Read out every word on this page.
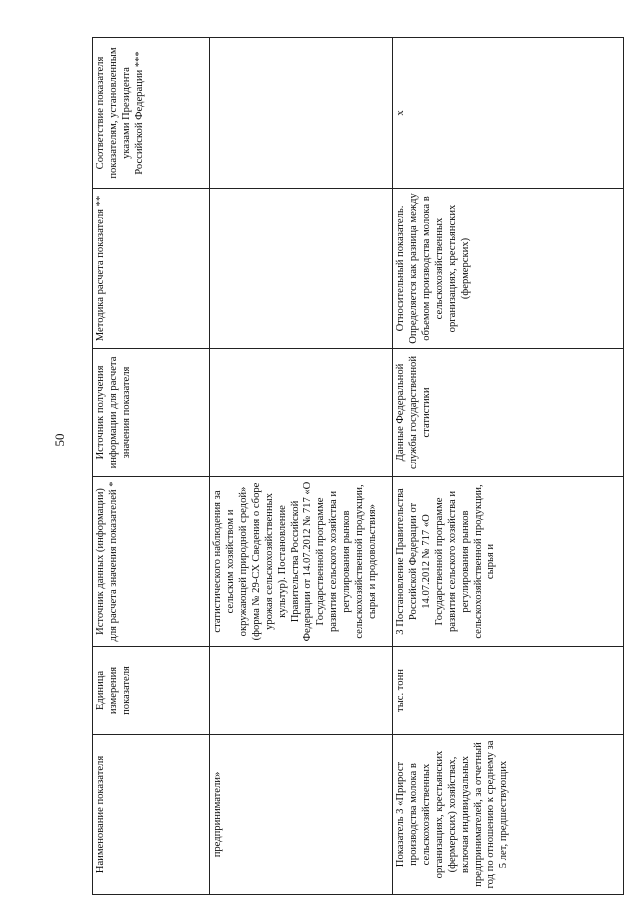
50
Наименование показателя	Единица измерения показателя	Источник данных (информации) для расчета значения показателей *	Источник получения информации для расчета значения показателя	Методика расчета показателя **	Соответствие показателя показателям, установленным указами Президента Российской Федерации ***
предприниматели»		статистического наблюдения за сельским хозяйством и окружающей природной средой» (форма № 29-СХ Сведения о сборе урожая сельскохозяйственных культур). Постановление Правительства Российской Федерации от 14.07.2012 № 717 «О Государственной программе развития сельского хозяйства и регулирования рынков сельскохозяйственной продукции, сырья и продовольствия»			
Показатель 3 «Прирост производства молока в сельскохозяйственных организациях, крестьянских (фермерских) хозяйствах, включая индивидуальных предпринимателей, за отчетный год по отношению к среднему за 5 лет, предшествующих	тыс. тонн	3 Постановление Правительства Российской Федерации от 14.07.2012 № 717 «О Государственной программе развития сельского хозяйства и регулирования рынков сельскохозяйственной продукции, сырья и	Данные Федеральной службы государственной статистики	Относительный показатель. Определяется как разница между объемом производства молока в сельскохозяйственных организациях, крестьянских (фермерских)	x
